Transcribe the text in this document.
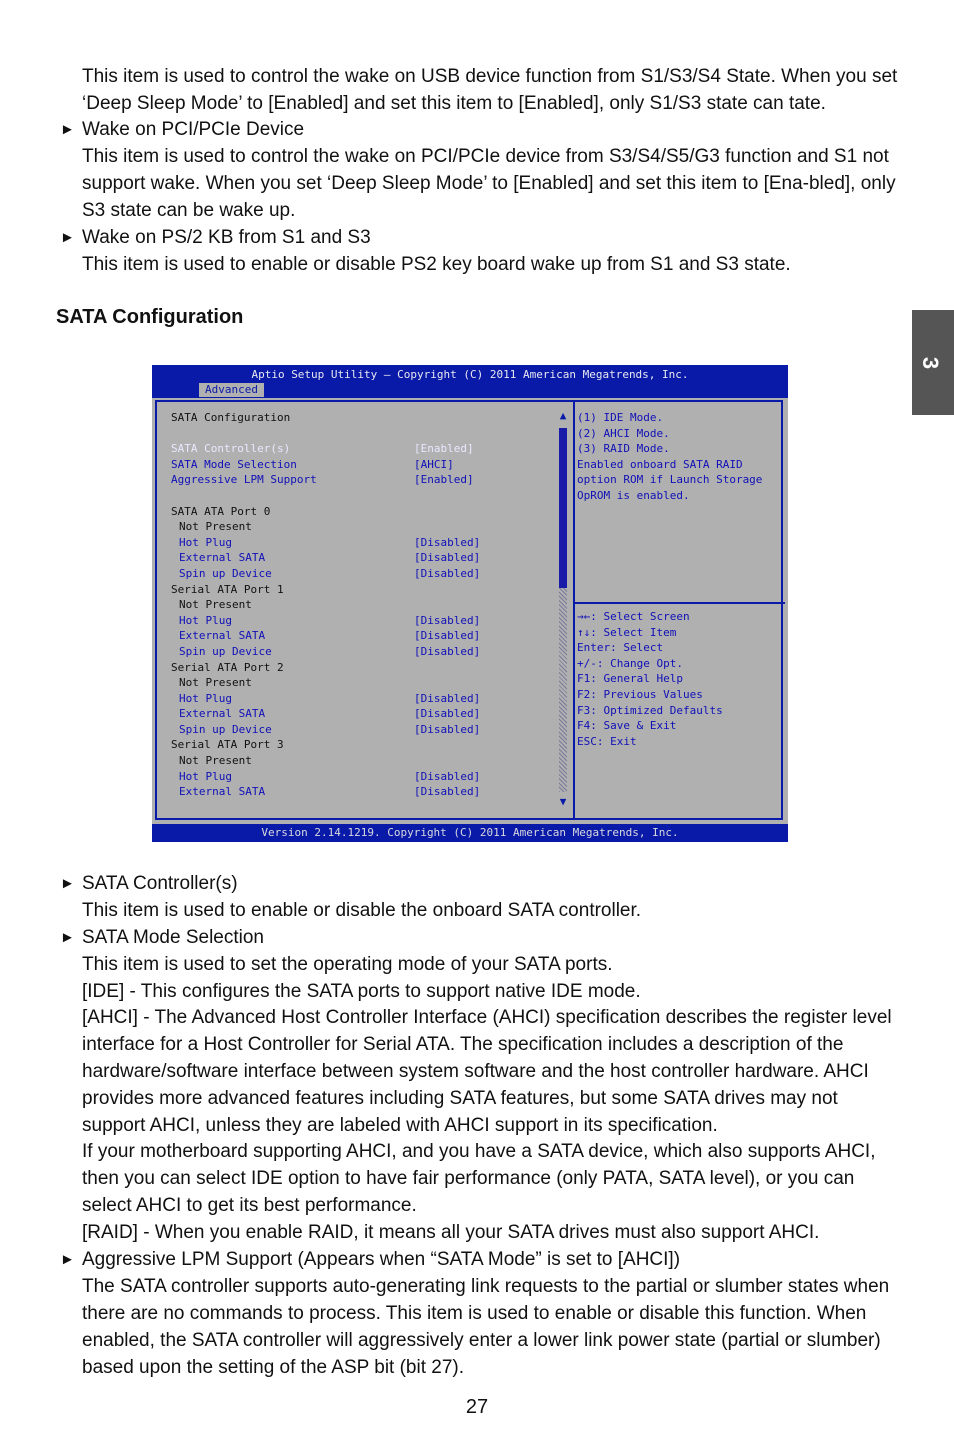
This item is used to control the wake on USB device function from S1/S3/S4 State. When you set ‘Deep Sleep Mode’ to [Enabled] and set this item to [Enabled], only S1/S3 state can tate.

► Wake on PCI/PCIe Device

This item is used to control the wake on PCI/PCIe device from S3/S4/S5/G3 function and S1 not support wake. When you set ‘Deep Sleep Mode’ to [Enabled] and set this item to [Ena-bled], only S3 state can be wake up.

► Wake on PS/2 KB from S1 and S3

This item is used to enable or disable PS2 key board wake up from S1 and S3 state.

SATA Configuration
3
Aptio Setup Utility – Copyright (C) 2011 American Megatrends, Inc.
Advanced
SATA Configuration
SATA Controller(s)	[Enabled]
SATA Mode Selection	[AHCI]
Aggressive LPM Support	[Enabled]
SATA ATA Port 0
Not Present
Hot Plug	[Disabled]
External SATA	[Disabled]
Spin up Device	[Disabled]
Serial ATA Port 1
Not Present
Hot Plug	[Disabled]
External SATA	[Disabled]
Spin up Device	[Disabled]
Serial ATA Port 2
Not Present
Hot Plug	[Disabled]
External SATA	[Disabled]
Spin up Device	[Disabled]
Serial ATA Port 3
Not Present
Hot Plug	[Disabled]
External SATA	[Disabled]
▲
▼
(1) IDE Mode.
(2) AHCI Mode.
(3) RAID Mode.
Enabled onboard SATA RAID
option ROM if Launch Storage
OpROM is enabled.
→←: Select Screen
↑↓: Select Item
Enter: Select
+/-: Change Opt.
F1: General Help
F2: Previous Values
F3: Optimized Defaults
F4: Save & Exit
ESC: Exit
Version 2.14.1219. Copyright (C) 2011 American Megatrends, Inc.

► SATA Controller(s)

This item is used to enable or disable the onboard SATA controller.

► SATA Mode Selection

This item is used to set the operating mode of your SATA ports.

[IDE] - This configures the SATA ports to support native IDE mode.

[AHCI] - The Advanced Host Controller Interface (AHCI) specification describes the register level interface for a Host Controller for Serial ATA. The specification includes a description of the hardware/software interface between system software and the host controller hardware. AHCI provides more advanced features including SATA features, but some SATA drives may not support AHCI, unless they are labeled with AHCI support in its specification.

If your motherboard supporting AHCI, and you have a SATA device, which also supports AHCI, then you can select IDE option to have fair performance (only PATA, SATA level), or you can select AHCI to get its best performance.

[RAID] - When you enable RAID, it means all your SATA drives must also support AHCI.

► Aggressive LPM Support (Appears when “SATA Mode” is set to [AHCI])

The SATA controller supports auto-generating link requests to the partial or slumber states when there are no commands to process. This item is used to enable or disable this function. When enabled, the SATA controller will aggressively enter a lower link power state (partial or slumber) based upon the setting of the ASP bit (bit 27).

27
